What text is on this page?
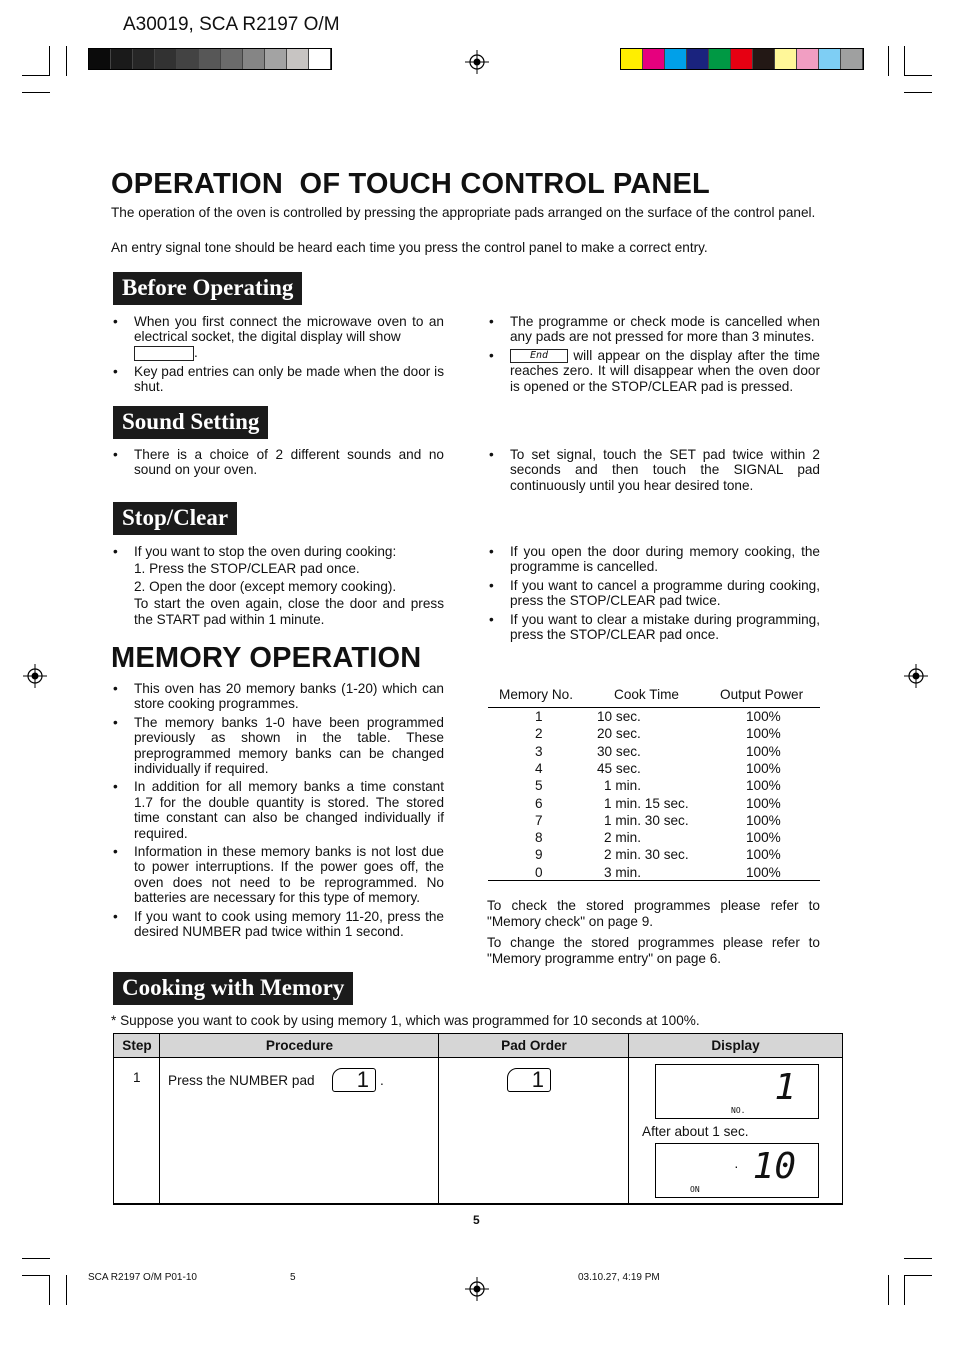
A30019, SCA R2197 O/M
OPERATION  OF TOUCH CONTROL PANEL
The operation of the oven is controlled by pressing the appropriate pads arranged on the surface of the control panel.
An entry signal tone should be heard each time you press the control panel to make a correct entry.
Before Operating
• When you first connect the microwave oven to an electrical socket, the digital display will show
.
• Key pad entries can only be made when the door is shut.
• The programme or check mode is cancelled when any pads are not pressed for more than 3 minutes.
• End will appear on the display after the time reaches zero. It will disappear when the oven door is opened or the STOP/CLEAR pad is pressed.
Sound Setting
• There is a choice of 2 different sounds and no sound on your oven.
• To set signal, touch the SET pad twice within 2 seconds and then touch the SIGNAL pad continuously until you hear desired tone.
Stop/Clear
• If you want to stop the oven during cooking:
1. Press the STOP/CLEAR pad once.
2. Open the door (except memory cooking).
To start the oven again, close the door and press the START pad within 1 minute.
• If you open the door during memory cooking, the programme is cancelled.
• If you want to cancel a programme during cooking, press the STOP/CLEAR pad twice.
• If you want to clear a mistake during programming, press the STOP/CLEAR pad once.
MEMORY OPERATION
• This oven has 20 memory banks (1-20) which can store cooking programmes.
• The memory banks 1-0 have been programmed previously as shown in the table. These preprogrammed memory banks can be changed individually if required.
• In addition for all memory banks a time constant 1.7 for the double quantity is stored. The stored time constant can also be changed individually if required.
• Information in these memory banks is not lost due to power interruptions. If the power goes off, the oven does not need to be reprogrammed. No batteries are necessary for this type of memory.
• If you want to cook using memory 11-20, press the desired NUMBER pad twice within 1 second.
Memory No.	Cook Time	Output Power
1	10 sec.	100%
2	20 sec.	100%
3	30 sec.	100%
4	45 sec.	100%
5	1 min.	100%
6	1 min. 15 sec.	100%
7	1 min. 30 sec.	100%
8	2 min.	100%
9	2 min. 30 sec.	100%
0	3 min.	100%
To check the stored programmes please refer to "Memory check" on page 9.
To change the stored programmes please refer to "Memory programme entry" on page 6.
Cooking with Memory
* Suppose you want to cook by using memory 1, which was programmed for 10 seconds at 100%.
Step	Procedure	Pad Order	Display
1 Press the NUMBER pad	1 .	1	1
NO.
After about 1 sec.
· 10
ON
5
SCA R2197 O/M P01-10	5	03.10.27, 4:19 PM
